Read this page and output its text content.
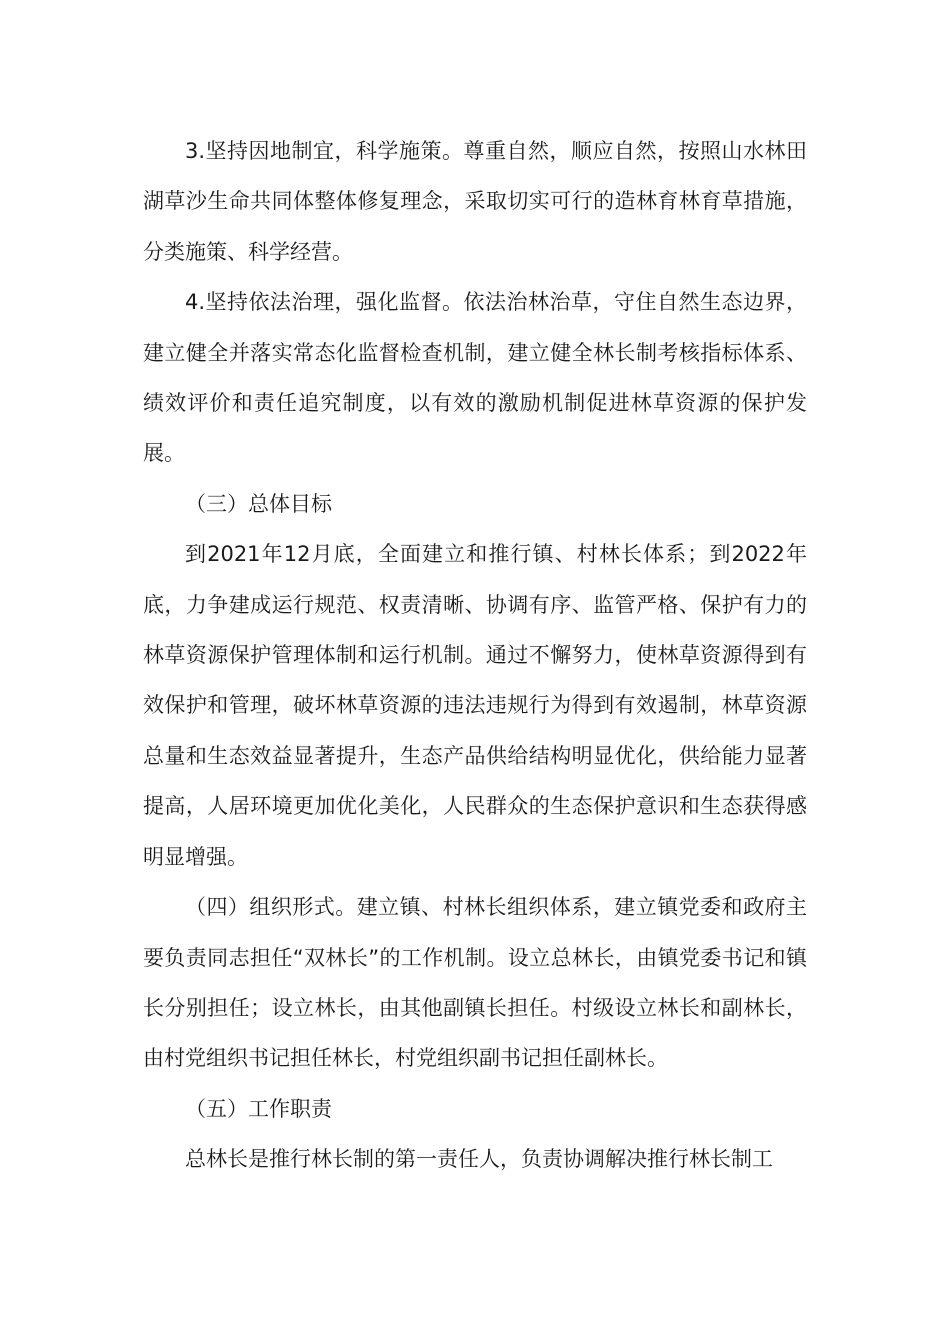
3.坚持因地制宜，科学施策。尊重自然，顺应自然，按照山水林田湖草沙生命共同体整体修复理念，采取切实可行的造林育林育草措施，分类施策、科学经营。

4.坚持依法治理，强化监督。依法治林治草，守住自然生态边界，建立健全并落实常态化监督检查机制，建立健全林长制考核指标体系、绩效评价和责任追究制度，以有效的激励机制促进林草资源的保护发展。

（三）总体目标

到2021年12月底，全面建立和推行镇、村林长体系；到2022年底，力争建成运行规范、权责清晰、协调有序、监管严格、保护有力的林草资源保护管理体制和运行机制。通过不懈努力，使林草资源得到有效保护和管理，破坏林草资源的违法违规行为得到有效遏制，林草资源总量和生态效益显著提升，生态产品供给结构明显优化，供给能力显著提高，人居环境更加优化美化，人民群众的生态保护意识和生态获得感明显增强。

（四）组织形式。建立镇、村林长组织体系，建立镇党委和政府主要负责同志担任“双林长”的工作机制。设立总林长，由镇党委书记和镇长分别担任；设立林长，由其他副镇长担任。村级设立林长和副林长，由村党组织书记担任林长，村党组织副书记担任副林长。

（五）工作职责

总林长是推行林长制的第一责任人，负责协调解决推行林长制工
